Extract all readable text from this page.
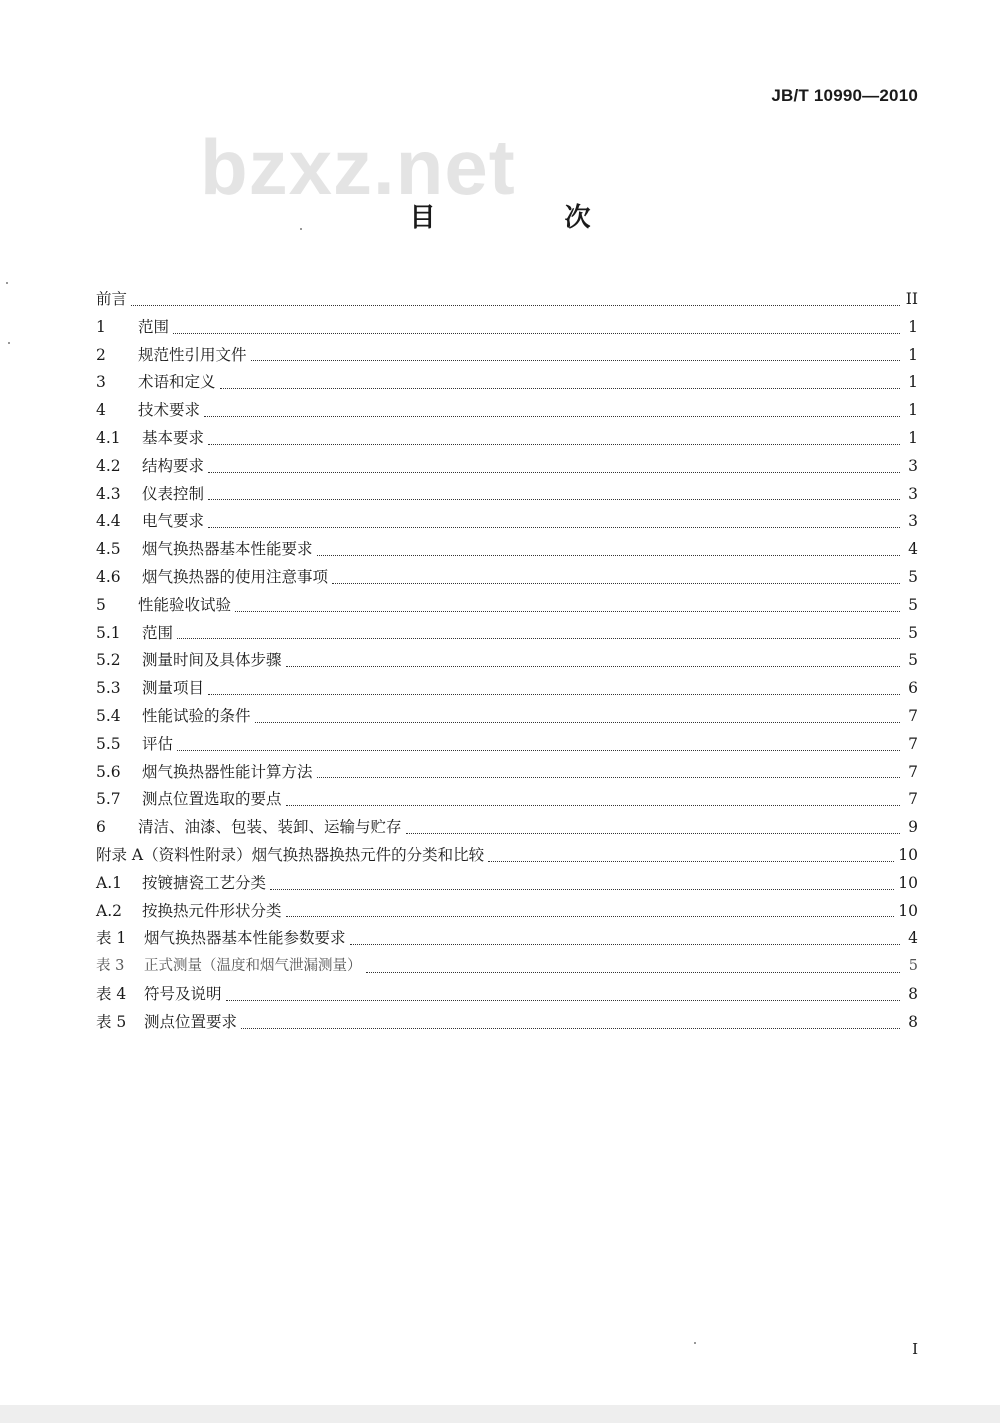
JB/T 10990—2010
bzxz.net
目 次
前言	II
1	范围	1
2	规范性引用文件	1
3	术语和定义	1
4	技术要求	1
4.1	基本要求	1
4.2	结构要求	3
4.3	仪表控制	3
4.4	电气要求	3
4.5	烟气换热器基本性能要求	4
4.6	烟气换热器的使用注意事项	5
5	性能验收试验	5
5.1	范围	5
5.2	测量时间及具体步骤	5
5.3	测量项目	6
5.4	性能试验的条件	7
5.5	评估	7
5.6	烟气换热器性能计算方法	7
5.7	测点位置选取的要点	7
6	清洁、油漆、包装、装卸、运输与贮存	9
附录 A（资料性附录）烟气换热器换热元件的分类和比较	10
A.1	按镀搪瓷工艺分类	10
A.2	按换热元件形状分类	10
表 1	烟气换热器基本性能参数要求	4
表 3	正式测量（温度和烟气泄漏测量）	5
表 4	符号及说明	8
表 5	测点位置要求	8
I
